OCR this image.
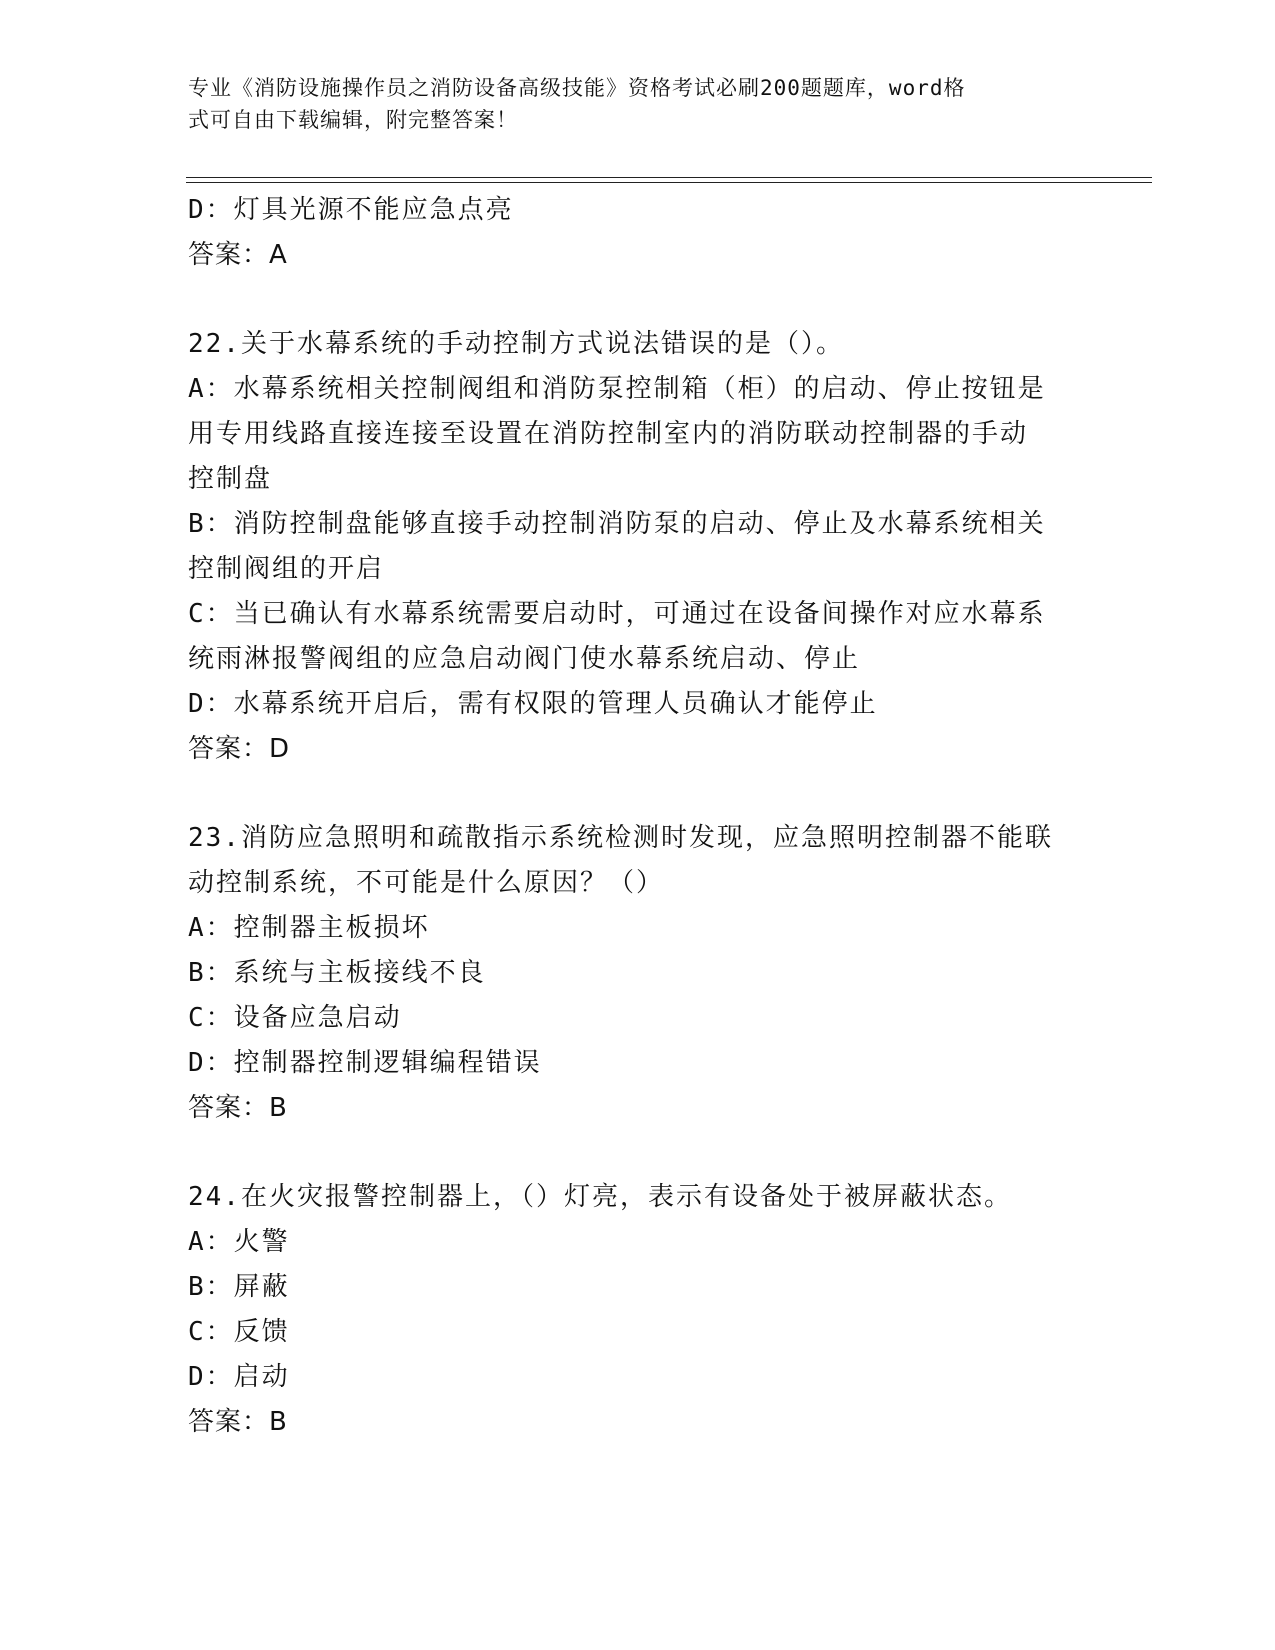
专业《消防设施操作员之消防设备高级技能》资格考试必刷200题题库，word格
式可自由下载编辑，附完整答案！
D：灯具光源不能应急点亮
答案：A
22.关于水幕系统的手动控制方式说法错误的是（）。
A：水幕系统相关控制阀组和消防泵控制箱（柜）的启动、停止按钮是
用专用线路直接连接至设置在消防控制室内的消防联动控制器的手动
控制盘
B：消防控制盘能够直接手动控制消防泵的启动、停止及水幕系统相关
控制阀组的开启
C：当已确认有水幕系统需要启动时，可通过在设备间操作对应水幕系
统雨淋报警阀组的应急启动阀门使水幕系统启动、停止
D：水幕系统开启后，需有权限的管理人员确认才能停止
答案：D
23.消防应急照明和疏散指示系统检测时发现，应急照明控制器不能联
动控制系统，不可能是什么原因？（）
A：控制器主板损坏
B：系统与主板接线不良
C：设备应急启动
D：控制器控制逻辑编程错误
答案：B
24.在火灾报警控制器上，（）灯亮，表示有设备处于被屏蔽状态。
A：火警
B：屏蔽
C：反馈
D：启动
答案：B
